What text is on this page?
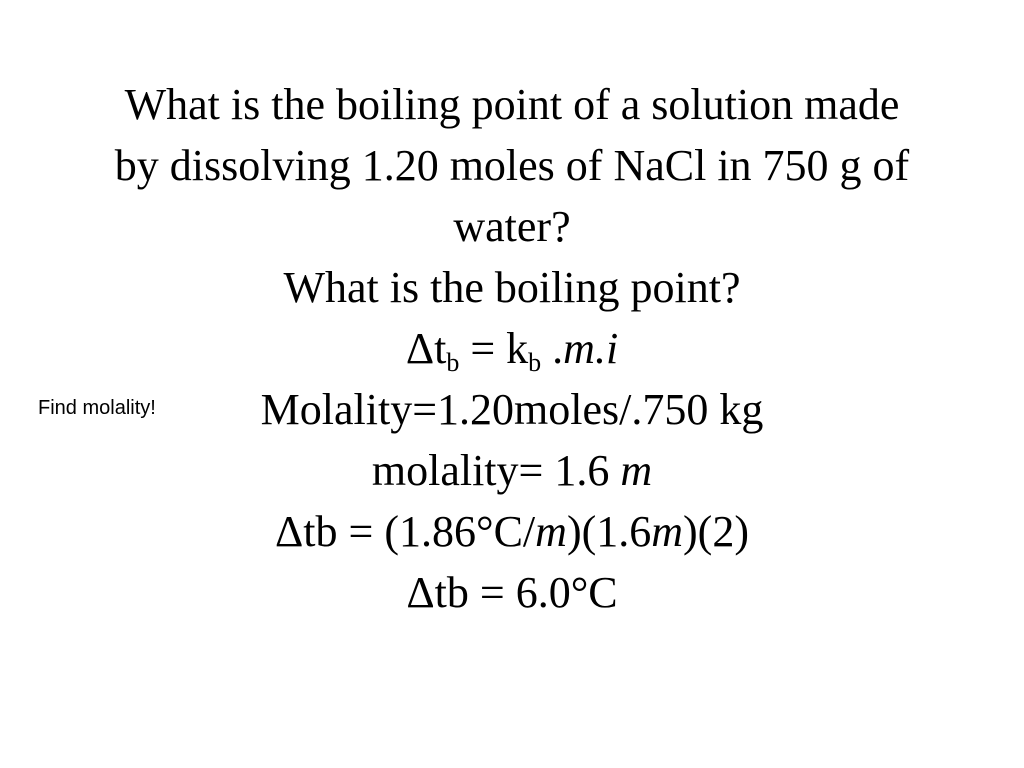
What is the boiling point of a solution made
by dissolving 1.20 moles of NaCl in 750 g of
water?
What is the boiling point?
$\Delta t_b = k_b$ .m.i
Molality=1.20moles/.750 kg
molality= 1.6 m
Δtb = (1.86°C/m)(1.6m)(2)
Δtb = 6.0°C
Find molality!
